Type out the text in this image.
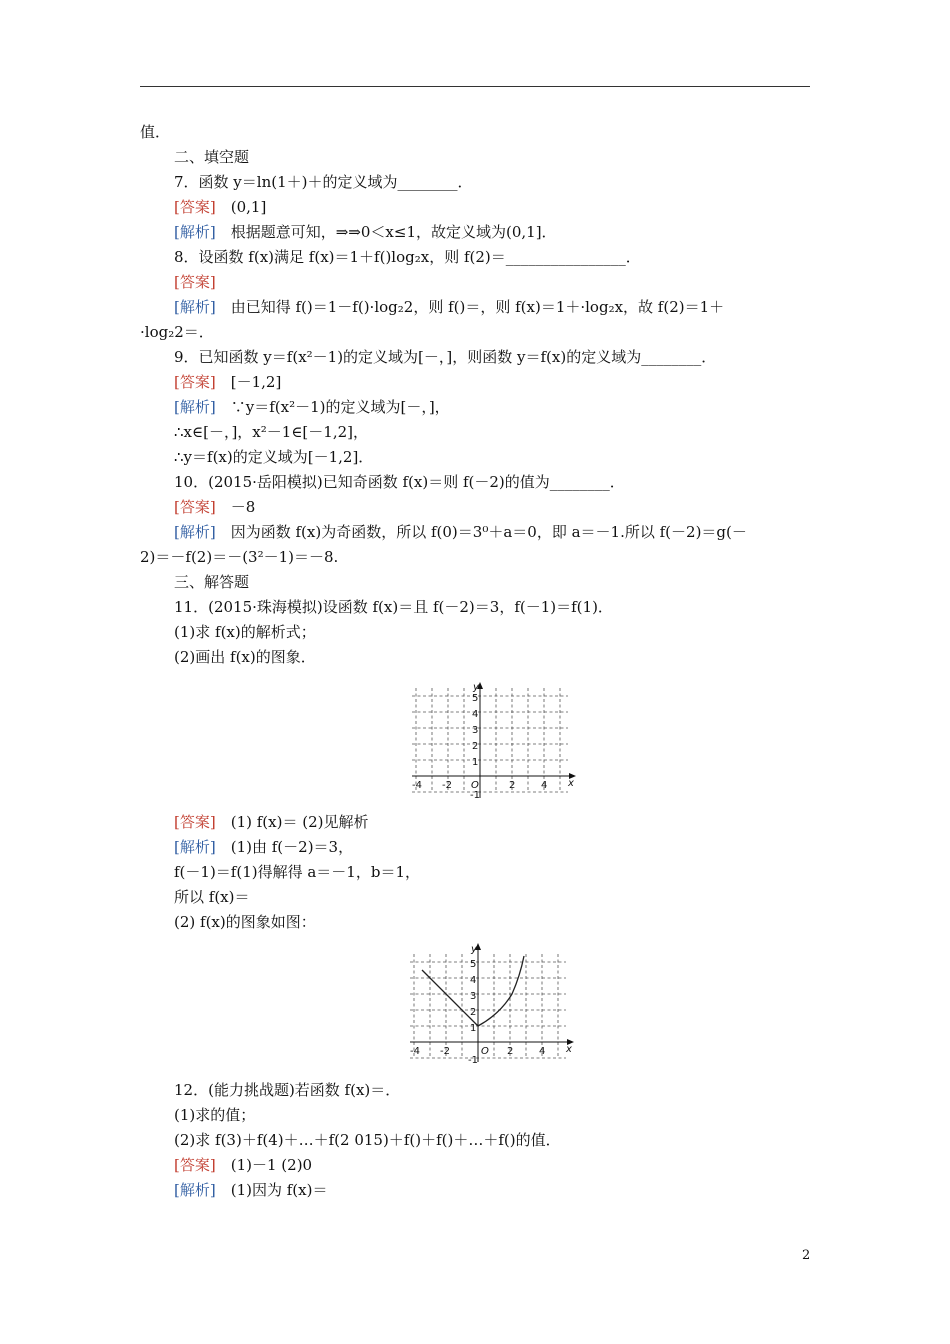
值．
二、填空题
7．函数 y＝ln(1＋)＋的定义域为________．
[答案]　 (0,1]
[解析]　 根据题意可知，⇒⇒0＜x≤1，故定义域为(0,1]．
8．设函数 f(x)满足 f(x)＝1＋f()log₂x，则 f(2)＝________________．
[答案]
[解析]　 由已知得 f()＝1－f()·log₂2，则 f()＝，则 f(x)＝1＋·log₂x，故 f(2)＝1＋
·log₂2＝．
9．已知函数 y＝f(x²－1)的定义域为[－，]，则函数 y＝f(x)的定义域为________．
[答案]　 [－1,2]
[解析]　 ∵y＝f(x²－1)的定义域为[－，]，
∴x∈[－，]，x²－1∈[－1,2]，
∴y＝f(x)的定义域为[－1,2]．
10．(2015·岳阳模拟)已知奇函数 f(x)＝则 f(－2)的值为________．
[答案]　 －8
[解析]　 因为函数 f(x)为奇函数，所以 f(0)＝3⁰＋a＝0，即 a＝－1.所以 f(－2)＝g(－
2)＝－f(2)＝－(3²－1)＝－8.
三、解答题
11．(2015·珠海模拟)设函数 f(x)＝且 f(－2)＝3，f(－1)＝f(1)．
(1)求 f(x)的解析式；
(2)画出 f(x)的图象．
5
4
3
2
1
-4 -2 O	2	4
-1
x
y
[答案]　 (1) f(x)＝ (2)见解析
[解析]　 (1)由 f(－2)＝3，
f(－1)＝f(1)得解得 a＝－1，b＝1，
所以 f(x)＝
(2) f(x)的图象如图：
5
4
3
2
1
-4 -2	O 2	4
-1
x
y
12．(能力挑战题)若函数 f(x)＝．
(1)求的值；
(2)求 f(3)＋f(4)＋…＋f(2 015)＋f()＋f()＋…＋f()的值．
[答案]　 (1)－1 (2)0
[解析]　 (1)因为 f(x)＝
2
